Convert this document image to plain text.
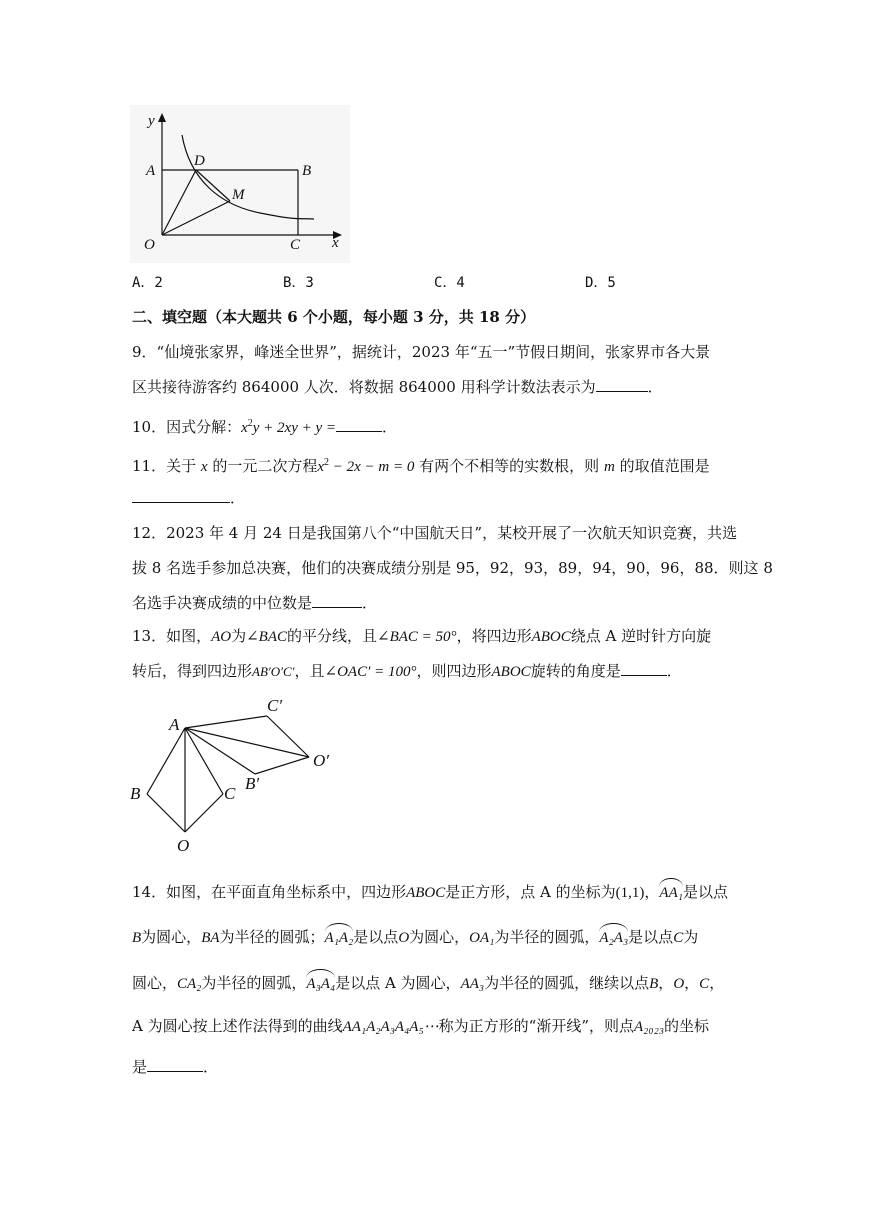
y
x
A
D
B
M
O	C
A．2	B．3	C．4	D．5
二、填空题（本大题共 6 个小题，每小题 3 分，共 18 分）
9．“仙境张家界，峰迷全世界”，据统计，2023 年“五一”节假日期间，张家界市各大景
区共接待游客约 864000 人次．将数据 864000 用科学计数法表示为	．
10．因式分解：$x^2y + 2xy + y$ =	．
11．关于 x 的一元二次方程$x^2 - 2x - m = 0$ 有两个不相等的实数根，则 m 的取值范围是
．
12．2023 年 4 月 24 日是我国第八个“中国航天日”，某校开展了一次航天知识竞赛，共选
拔 8 名选手参加总决赛，他们的决赛成绩分别是 95，92，93，89，94，90，96，88．则这 8
名选手决赛成绩的中位数是	．
13．如图，AO为∠BAC的平分线，且∠BAC = 50°，将四边形ABOC绕点 A 逆时针方向旋
转后，得到四边形AB′O′C′，且∠OAC′ = 100°，则四边形ABOC旋转的角度是	．
A
C′
O′
B′
B	C
O
14．如图，在平面直角坐标系中，四边形ABOC是正方形，点 A 的坐标为(1,1)，AA₁是以点
B为圆心，BA为半径的圆弧；A₁A₂是以点O为圆心，OA₁为半径的圆弧，A₂A₃是以点C为
圆心，CA₂为半径的圆弧，A₃A₄是以点 A 为圆心，AA₃为半径的圆弧，继续以点B，O，C，
A 为圆心按上述作法得到的曲线AA₁A₂A₃A₄A₅⋯称为正方形的“渐开线”，则点A₂₀₂₃的坐标
是	．
